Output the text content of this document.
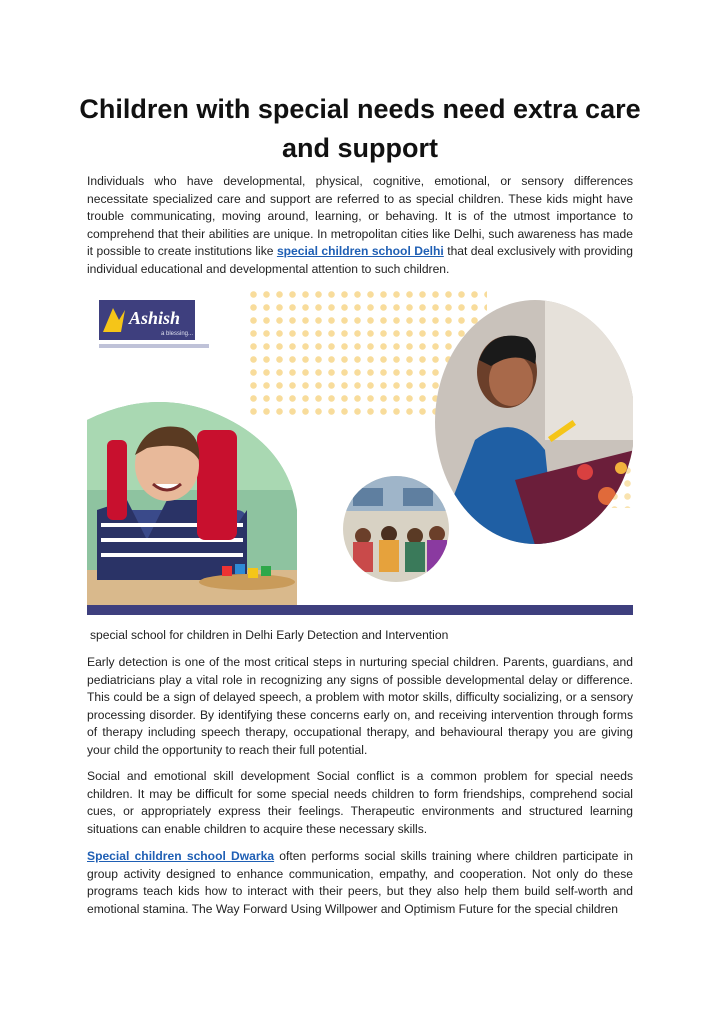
Children with special needs need extra care and support

Individuals who have developmental, physical, cognitive, emotional, or sensory differences necessitate specialized care and support are referred to as special children. These kids might have trouble communicating, moving around, learning, or behaving. It is of the utmost importance to comprehend that their abilities are unique. In metropolitan cities like Delhi, such awareness has made it possible to create institutions like special children school Delhi that deal exclusively with providing individual educational and developmental attention to such children.

Ashish
a blessing...
special school for children in Delhi Early Detection and Intervention

Early detection is one of the most critical steps in nurturing special children. Parents, guardians, and pediatricians play a vital role in recognizing any signs of possible developmental delay or difference. This could be a sign of delayed speech, a problem with motor skills, difficulty socializing, or a sensory processing disorder. By identifying these concerns early on, and receiving intervention through forms of therapy including speech therapy, occupational therapy, and behavioural therapy you are giving your child the opportunity to reach their full potential.

Social and emotional skill development Social conflict is a common problem for special needs children. It may be difficult for some special needs children to form friendships, comprehend social cues, or appropriately express their feelings. Therapeutic environments and structured learning situations can enable children to acquire these necessary skills.

Special children school Dwarka often performs social skills training where children participate in group activity designed to enhance communication, empathy, and cooperation. Not only do these programs teach kids how to interact with their peers, but they also help them build self-worth and emotional stamina. The Way Forward Using Willpower and Optimism Future for the special children
